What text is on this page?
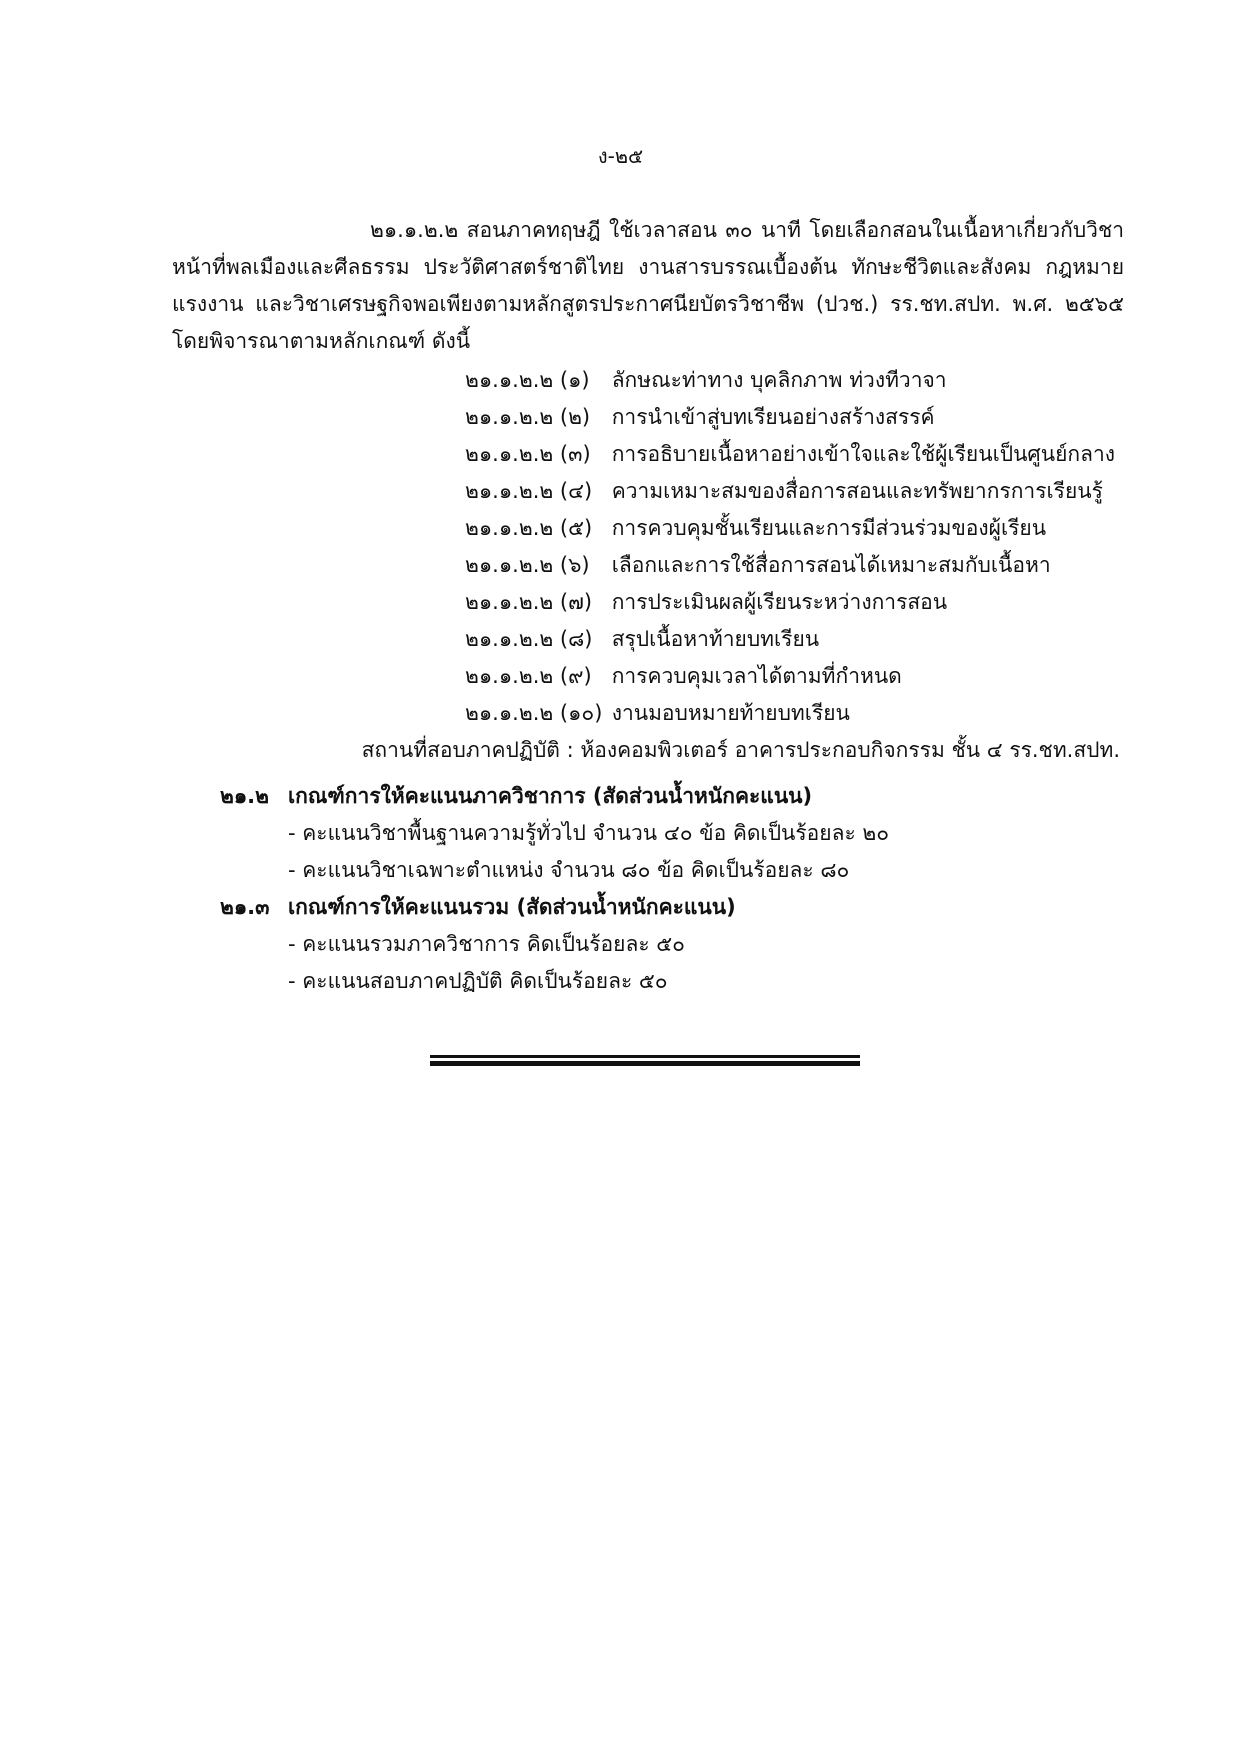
ง-๒๕

๒๑.๑.๒.๒ สอนภาคทฤษฎี ใช้เวลาสอน ๓๐ นาที โดยเลือกสอนในเนื้อหาเกี่ยวกับวิชาหน้าที่พลเมืองและศีลธรรม ประวัติศาสตร์ชาติไทย งานสารบรรณเบื้องต้น ทักษะชีวิตและสังคม กฎหมายแรงงาน และวิชาเศรษฐกิจพอเพียงตามหลักสูตรประกาศนียบัตรวิชาชีพ (ปวช.) รร.ชท.สปท. พ.ศ. ๒๕๖๕ โดยพิจารณาตามหลักเกณฑ์ ดังนี้

๒๑.๑.๒.๒ (๑) ลักษณะท่าทาง บุคลิกภาพ ท่วงทีวาจา
๒๑.๑.๒.๒ (๒) การนำเข้าสู่บทเรียนอย่างสร้างสรรค์
๒๑.๑.๒.๒ (๓) การอธิบายเนื้อหาอย่างเข้าใจและใช้ผู้เรียนเป็นศูนย์กลาง
๒๑.๑.๒.๒ (๔) ความเหมาะสมของสื่อการสอนและทรัพยากรการเรียนรู้
๒๑.๑.๒.๒ (๕) การควบคุมชั้นเรียนและการมีส่วนร่วมของผู้เรียน
๒๑.๑.๒.๒ (๖) เลือกและการใช้สื่อการสอนได้เหมาะสมกับเนื้อหา
๒๑.๑.๒.๒ (๗) การประเมินผลผู้เรียนระหว่างการสอน
๒๑.๑.๒.๒ (๘) สรุปเนื้อหาท้ายบทเรียน
๒๑.๑.๒.๒ (๙) การควบคุมเวลาได้ตามที่กำหนด
๒๑.๑.๒.๒ (๑๐) งานมอบหมายท้ายบทเรียน
สถานที่สอบภาคปฏิบัติ : ห้องคอมพิวเตอร์ อาคารประกอบกิจกรรม ชั้น ๔ รร.ชท.สปท.
๒๑.๒ เกณฑ์การให้คะแนนภาควิชาการ (สัดส่วนน้ำหนักคะแนน)
- คะแนนวิชาพื้นฐานความรู้ทั่วไป จำนวน ๔๐ ข้อ คิดเป็นร้อยละ ๒๐
- คะแนนวิชาเฉพาะตำแหน่ง จำนวน ๘๐ ข้อ คิดเป็นร้อยละ ๘๐
๒๑.๓ เกณฑ์การให้คะแนนรวม (สัดส่วนน้ำหนักคะแนน)
- คะแนนรวมภาควิชาการ คิดเป็นร้อยละ ๕๐
- คะแนนสอบภาคปฏิบัติ คิดเป็นร้อยละ ๕๐
